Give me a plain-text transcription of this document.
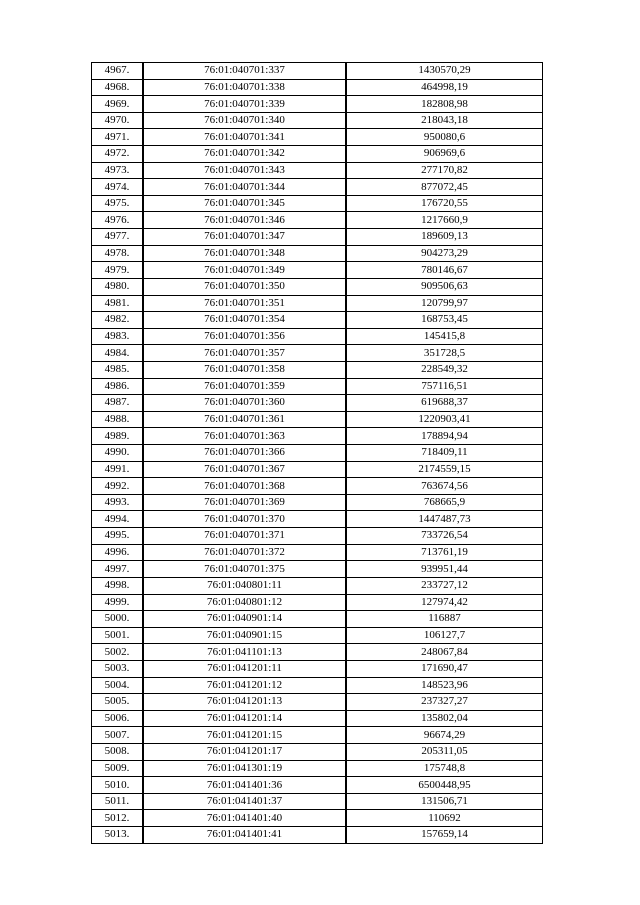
4967.	76:01:040701:337	1430570,29
4968.	76:01:040701:338	464998,19
4969.	76:01:040701:339	182808,98
4970.	76:01:040701:340	218043,18
4971.	76:01:040701:341	950080,6
4972.	76:01:040701:342	906969,6
4973.	76:01:040701:343	277170,82
4974.	76:01:040701:344	877072,45
4975.	76:01:040701:345	176720,55
4976.	76:01:040701:346	1217660,9
4977.	76:01:040701:347	189609,13
4978.	76:01:040701:348	904273,29
4979.	76:01:040701:349	780146,67
4980.	76:01:040701:350	909506,63
4981.	76:01:040701:351	120799,97
4982.	76:01:040701:354	168753,45
4983.	76:01:040701:356	145415,8
4984.	76:01:040701:357	351728,5
4985.	76:01:040701:358	228549,32
4986.	76:01:040701:359	757116,51
4987.	76:01:040701:360	619688,37
4988.	76:01:040701:361	1220903,41
4989.	76:01:040701:363	178894,94
4990.	76:01:040701:366	718409,11
4991.	76:01:040701:367	2174559,15
4992.	76:01:040701:368	763674,56
4993.	76:01:040701:369	768665,9
4994.	76:01:040701:370	1447487,73
4995.	76:01:040701:371	733726,54
4996.	76:01:040701:372	713761,19
4997.	76:01:040701:375	939951,44
4998.	76:01:040801:11	233727,12
4999.	76:01:040801:12	127974,42
5000.	76:01:040901:14	116887
5001.	76:01:040901:15	106127,7
5002.	76:01:041101:13	248067,84
5003.	76:01:041201:11	171690,47
5004.	76:01:041201:12	148523,96
5005.	76:01:041201:13	237327,27
5006.	76:01:041201:14	135802,04
5007.	76:01:041201:15	96674,29
5008.	76:01:041201:17	205311,05
5009.	76:01:041301:19	175748,8
5010.	76:01:041401:36	6500448,95
5011.	76:01:041401:37	131506,71
5012.	76:01:041401:40	110692
5013.	76:01:041401:41	157659,14
